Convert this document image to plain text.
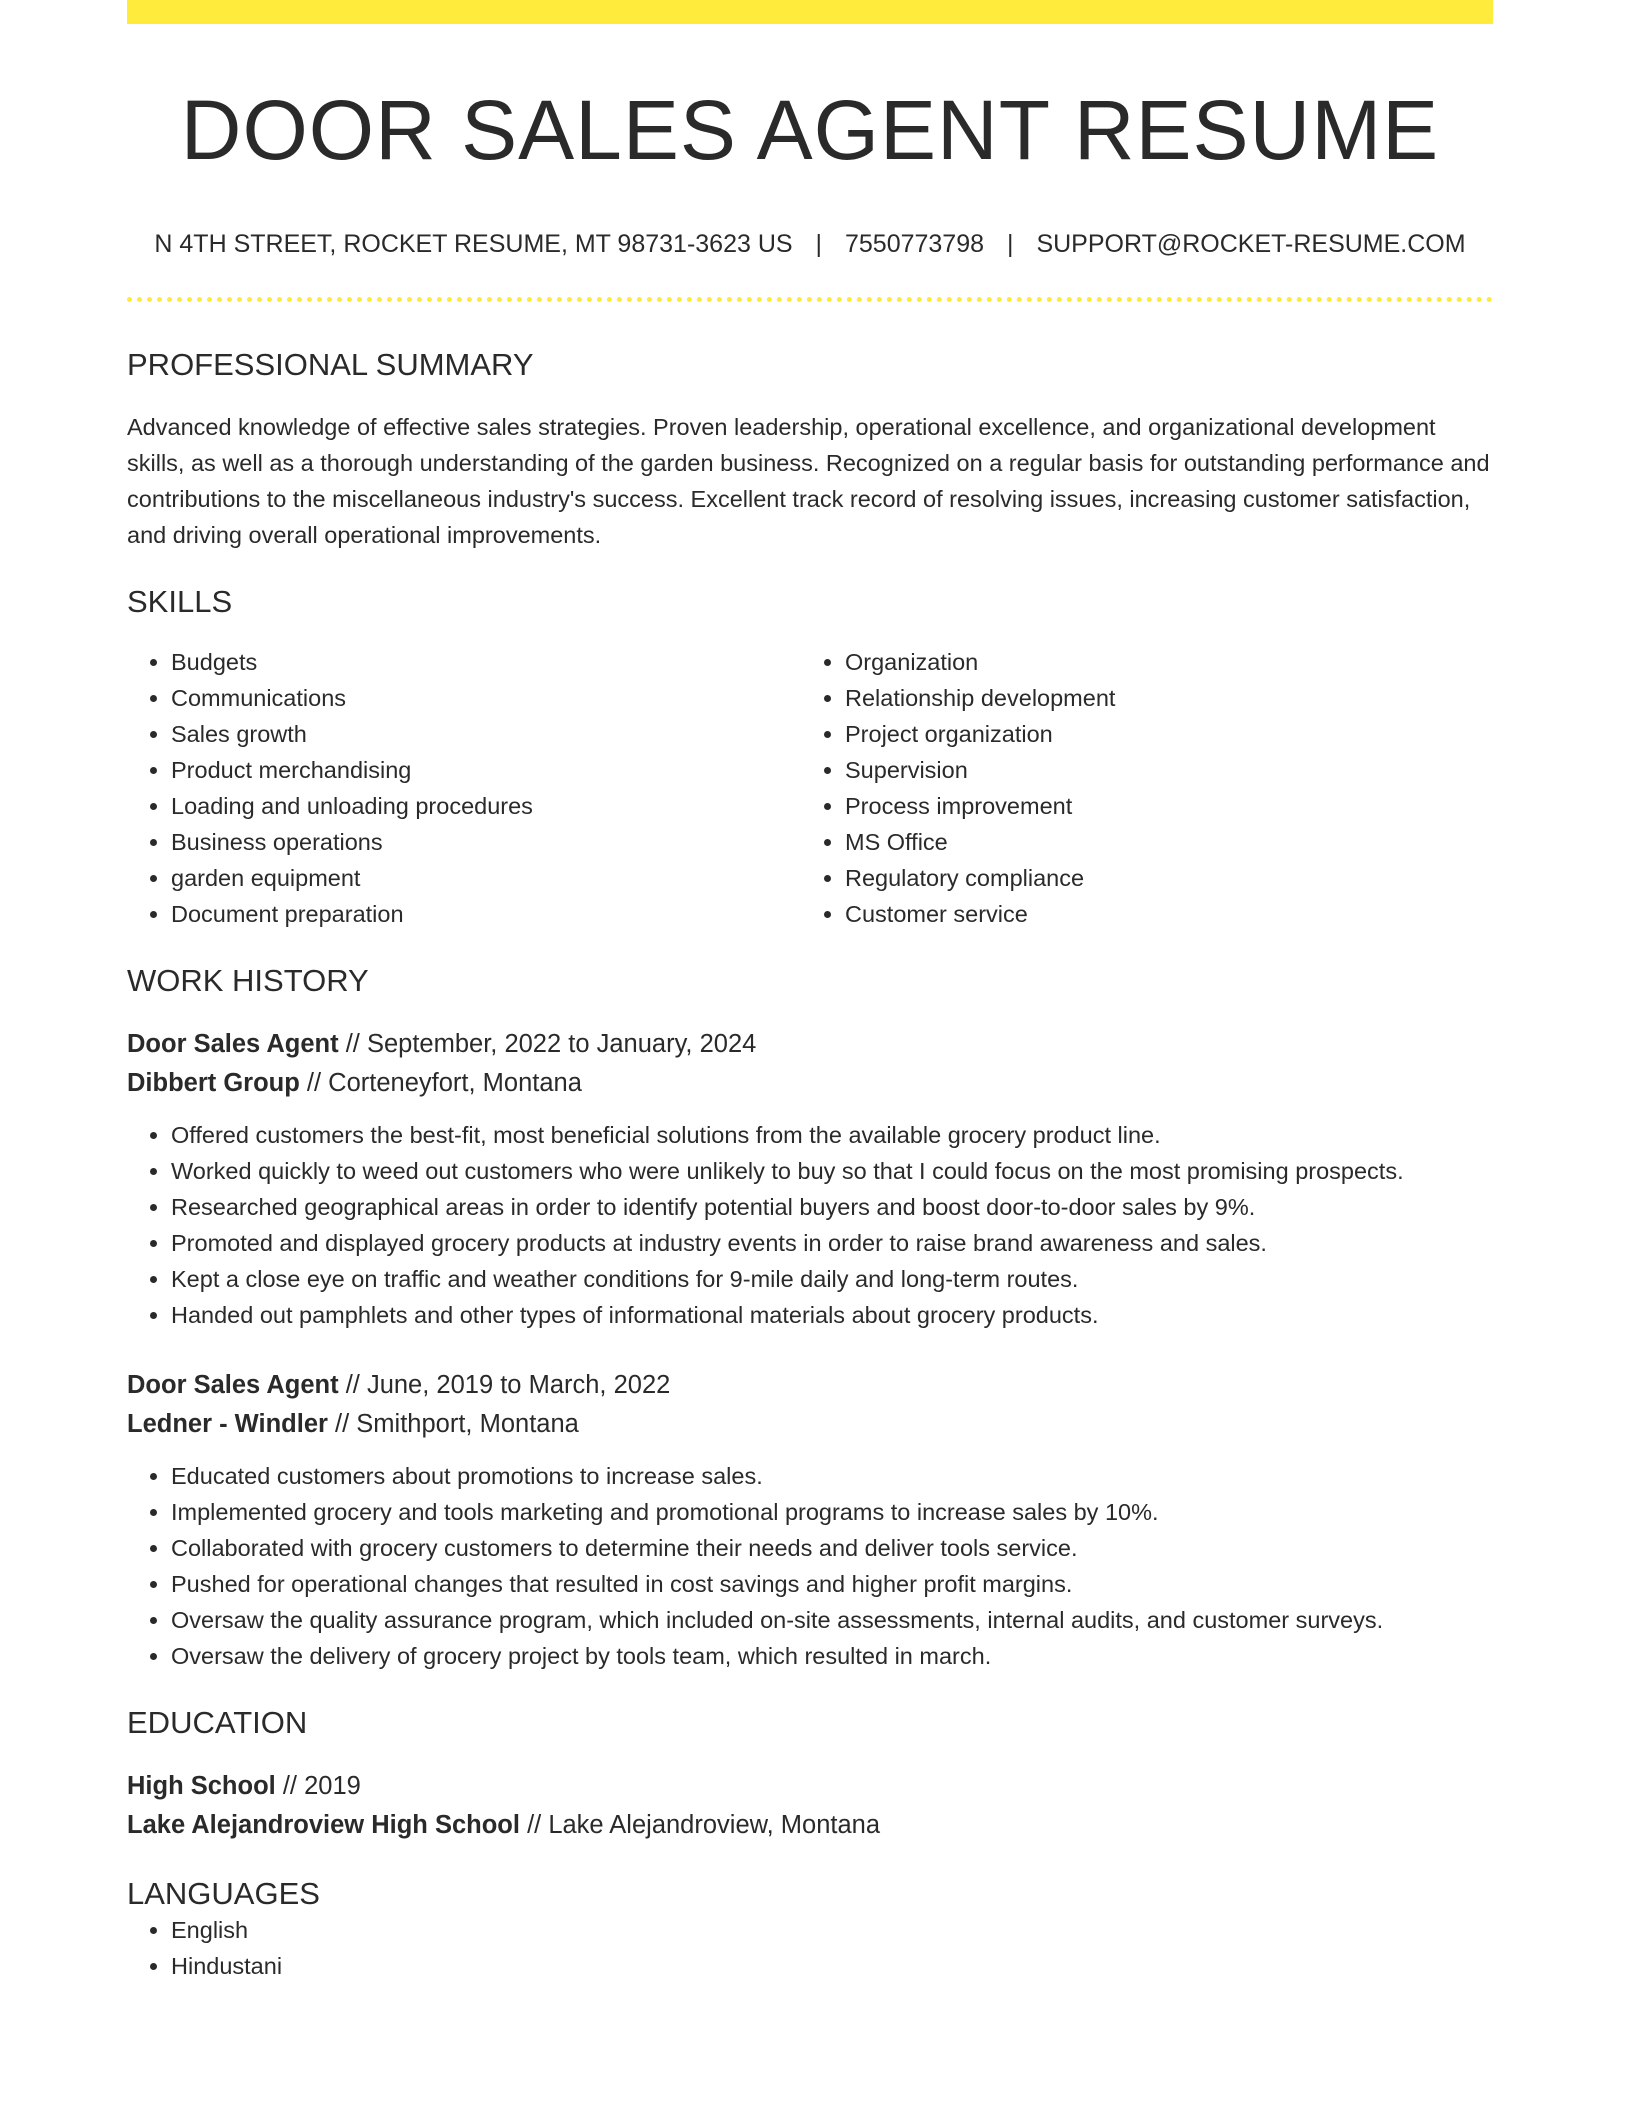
DOOR SALES AGENT RESUME
N 4TH STREET, ROCKET RESUME, MT 98731-3623 US | 7550773798 | SUPPORT@ROCKET-RESUME.COM
PROFESSIONAL SUMMARY

Advanced knowledge of effective sales strategies. Proven leadership, operational excellence, and organizational development skills, as well as a thorough understanding of the garden business. Recognized on a regular basis for outstanding performance and contributions to the miscellaneous industry's success. Excellent track record of resolving issues, increasing customer satisfaction, and driving overall operational improvements.

SKILLS
• Budgets
• Communications
• Sales growth
• Product merchandising
• Loading and unloading procedures
• Business operations
• garden equipment
• Document preparation
• Organization
• Relationship development
• Project organization
• Supervision
• Process improvement
• MS Office
• Regulatory compliance
• Customer service
WORK HISTORY
Door Sales Agent // September, 2022 to January, 2024
Dibbert Group // Corteneyfort, Montana
• Offered customers the best-fit, most beneficial solutions from the available grocery product line.
• Worked quickly to weed out customers who were unlikely to buy so that I could focus on the most promising prospects.
• Researched geographical areas in order to identify potential buyers and boost door-to-door sales by 9%.
• Promoted and displayed grocery products at industry events in order to raise brand awareness and sales.
• Kept a close eye on traffic and weather conditions for 9-mile daily and long-term routes.
• Handed out pamphlets and other types of informational materials about grocery products.
Door Sales Agent // June, 2019 to March, 2022
Ledner - Windler // Smithport, Montana
• Educated customers about promotions to increase sales.
• Implemented grocery and tools marketing and promotional programs to increase sales by 10%.
• Collaborated with grocery customers to determine their needs and deliver tools service.
• Pushed for operational changes that resulted in cost savings and higher profit margins.
• Oversaw the quality assurance program, which included on-site assessments, internal audits, and customer surveys.
• Oversaw the delivery of grocery project by tools team, which resulted in march.
EDUCATION
High School // 2019
Lake Alejandroview High School // Lake Alejandroview, Montana
LANGUAGES
• English
• Hindustani
